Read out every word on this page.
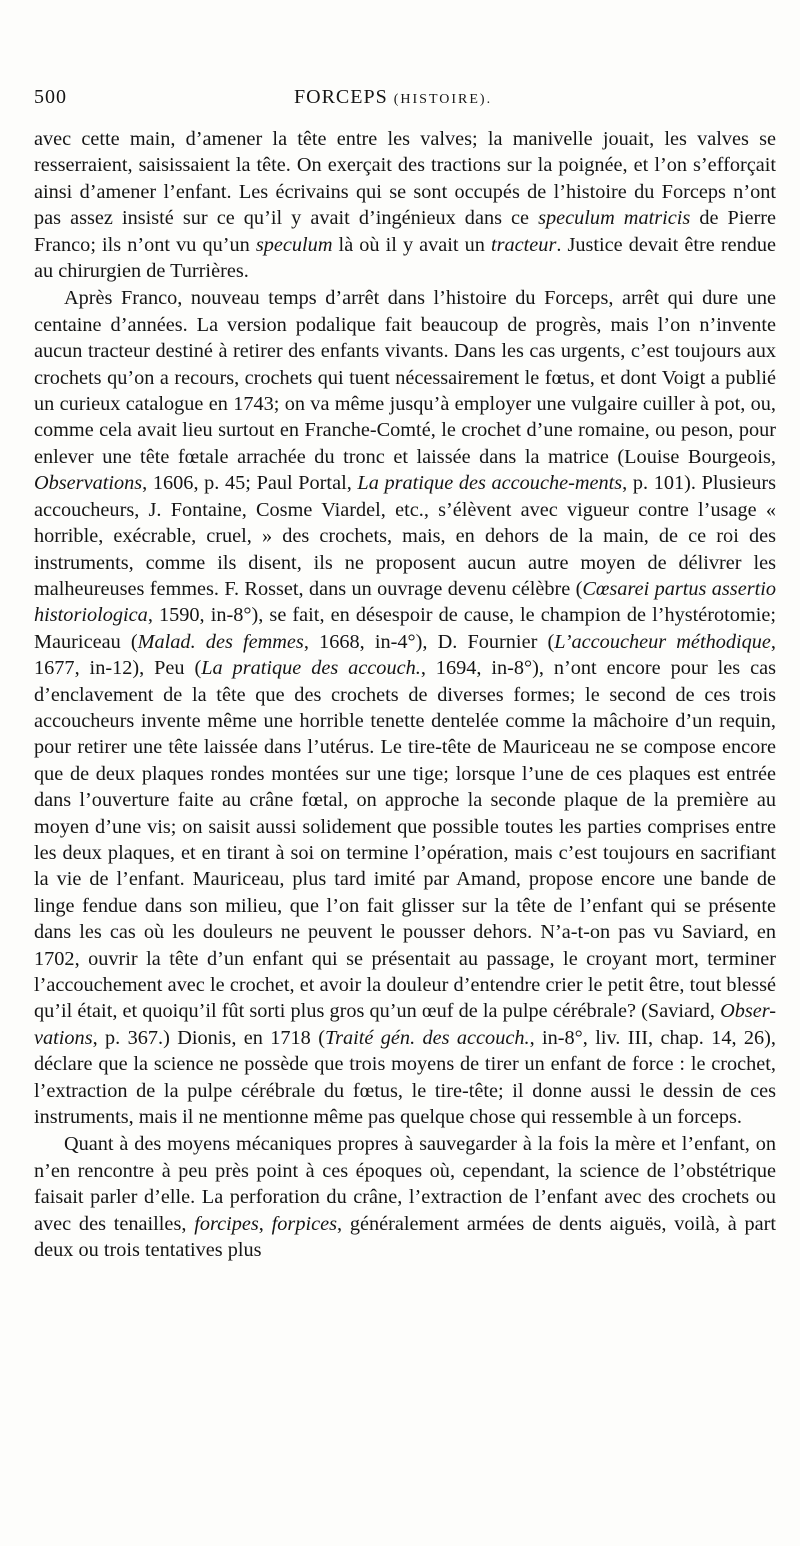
500	FORCEPS (HISTOIRE).

avec cette main, d’amener la tête entre les valves; la manivelle jouait, les valves se resserraient, saisissaient la tête. On exerçait des tractions sur la poignée, et l’on s’efforçait ainsi d’amener l’enfant. Les écrivains qui se sont occupés de l’histoire du Forceps n’ont pas assez insisté sur ce qu’il y avait d’ingénieux dans ce speculum matricis de Pierre Franco; ils n’ont vu qu’un speculum là où il y avait un tracteur. Justice devait être rendue au chirurgien de Turrières.

Après Franco, nouveau temps d’arrêt dans l’histoire du Forceps, arrêt qui dure une centaine d’années. La version podalique fait beaucoup de progrès, mais l’on n’invente aucun tracteur destiné à retirer des enfants vivants. Dans les cas urgents, c’est toujours aux crochets qu’on a recours, crochets qui tuent nécessairement le fœtus, et dont Voigt a publié un curieux catalogue en 1743; on va même jusqu’à employer une vulgaire cuiller à pot, ou, comme cela avait lieu surtout en Franche-Comté, le crochet d’une romaine, ou peson, pour enlever une tête fœtale arrachée du tronc et laissée dans la matrice (Louise Bourgeois, Observations, 1606, p. 45; Paul Portal, La pratique des accouche-ments, p. 101). Plusieurs accoucheurs, J. Fontaine, Cosme Viardel, etc., s’élèvent avec vigueur contre l’usage « horrible, exécrable, cruel, » des crochets, mais, en dehors de la main, de ce roi des instruments, comme ils disent, ils ne proposent aucun autre moyen de délivrer les malheureuses femmes. F. Rosset, dans un ouvrage devenu célèbre (Cœsarei partus assertio historiologica, 1590, in-8°), se fait, en désespoir de cause, le champion de l’hystérotomie; Mauriceau (Malad. des femmes, 1668, in-4°), D. Fournier (L’accoucheur méthodique, 1677, in-12), Peu (La pratique des accouch., 1694, in-8°), n’ont encore pour les cas d’enclavement de la tête que des crochets de diverses formes; le second de ces trois accoucheurs invente même une horrible tenette dentelée comme la mâchoire d’un requin, pour retirer une tête laissée dans l’utérus. Le tire-tête de Mauriceau ne se compose encore que de deux plaques rondes montées sur une tige; lorsque l’une de ces plaques est entrée dans l’ouverture faite au crâne fœtal, on approche la seconde plaque de la première au moyen d’une vis; on saisit aussi solidement que possible toutes les parties comprises entre les deux plaques, et en tirant à soi on termine l’opération, mais c’est toujours en sacrifiant la vie de l’enfant. Mauriceau, plus tard imité par Amand, propose encore une bande de linge fendue dans son milieu, que l’on fait glisser sur la tête de l’enfant qui se présente dans les cas où les douleurs ne peuvent le pousser dehors. N’a-t-on pas vu Saviard, en 1702, ouvrir la tête d’un enfant qui se présentait au passage, le croyant mort, terminer l’accouchement avec le crochet, et avoir la douleur d’entendre crier le petit être, tout blessé qu’il était, et quoiqu’il fût sorti plus gros qu’un œuf de la pulpe cérébrale? (Saviard, Obser-vations, p. 367.) Dionis, en 1718 (Traité gén. des accouch., in-8°, liv. III, chap. 14, 26), déclare que la science ne possède que trois moyens de tirer un enfant de force : le crochet, l’extraction de la pulpe cérébrale du fœtus, le tire-tête; il donne aussi le dessin de ces instruments, mais il ne mentionne même pas quelque chose qui ressemble à un forceps.

Quant à des moyens mécaniques propres à sauvegarder à la fois la mère et l’enfant, on n’en rencontre à peu près point à ces époques où, cependant, la science de l’obstétrique faisait parler d’elle. La perforation du crâne, l’extraction de l’enfant avec des crochets ou avec des tenailles, forcipes, forpices, généralement armées de dents aiguës, voilà, à part deux ou trois tentatives plus
